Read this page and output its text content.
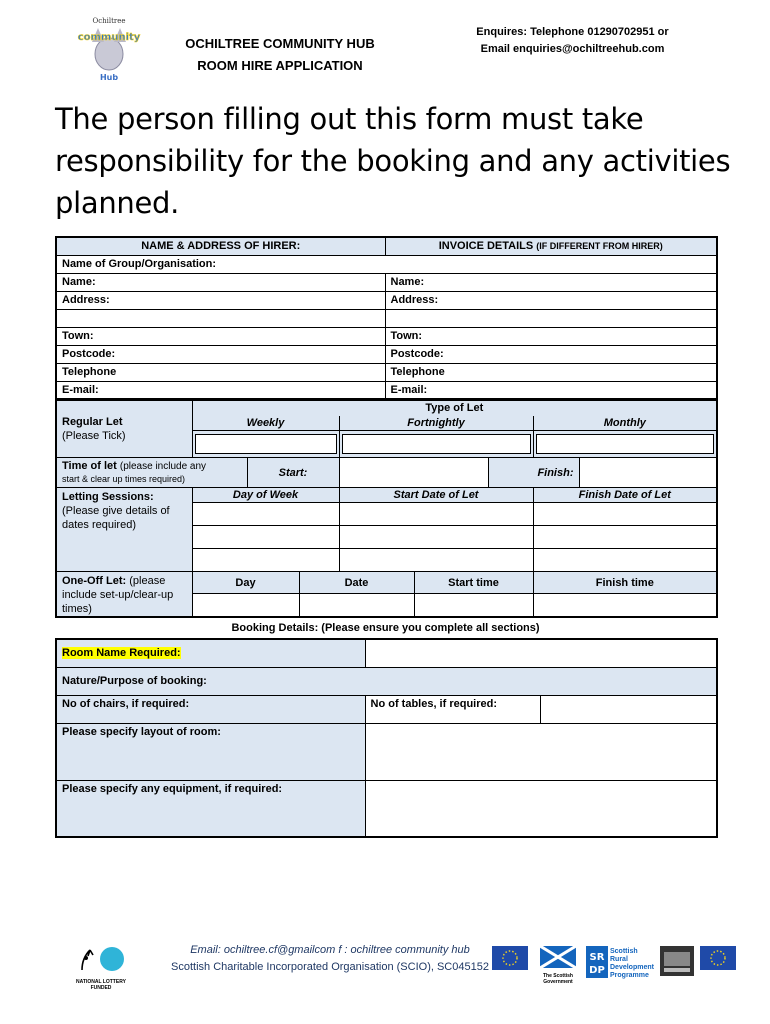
Ochiltree
community
Hub
OCHILTREE COMMUNITY HUB
ROOM HIRE APPLICATION
Enquires: Telephone 01290702951 or
Email enquiries@ochiltreehub.com

The person filling out this form must take responsibility for the booking and any activities planned.

NAME & ADDRESS OF HIRER:	INVOICE DETAILS (IF DIFFERENT FROM HIRER)
Name of Group/Organisation:	
Name:	Name:
Address:	Address:

Town:	Town:
Postcode:	Postcode:
Telephone	Telephone
E-mail:	E-mail:
Regular Let
(Please Tick)	Type of Let							
	Weekly			Fortnightly			Monthly	

Time of let (please include any
start & clear up times required)		Start:				Finish:		

Letting Sessions:
(Please give details of dates required)	Day of Week			Start Date of Let			Finish Date of Let	

One-Off Let: (please include set-up/clear-up times)	Day		Date		Start time		Finish time	

Booking Details: (Please ensure you complete all sections)
Room Name Required:		
Nature/Purpose of booking:		
No of chairs, if required:	No of tables, if required:	
Please specify layout of room:		
Please specify any equipment, if required:		
Email: ochiltree.cf@gmailcom f : ochiltree community hub
Scottish Charitable Incorporated Organisation (SCIO), SC045152
NATIONAL LOTTERY FUNDED
The Scottish Government
SR
DP
Scottish Rural Development Programme
